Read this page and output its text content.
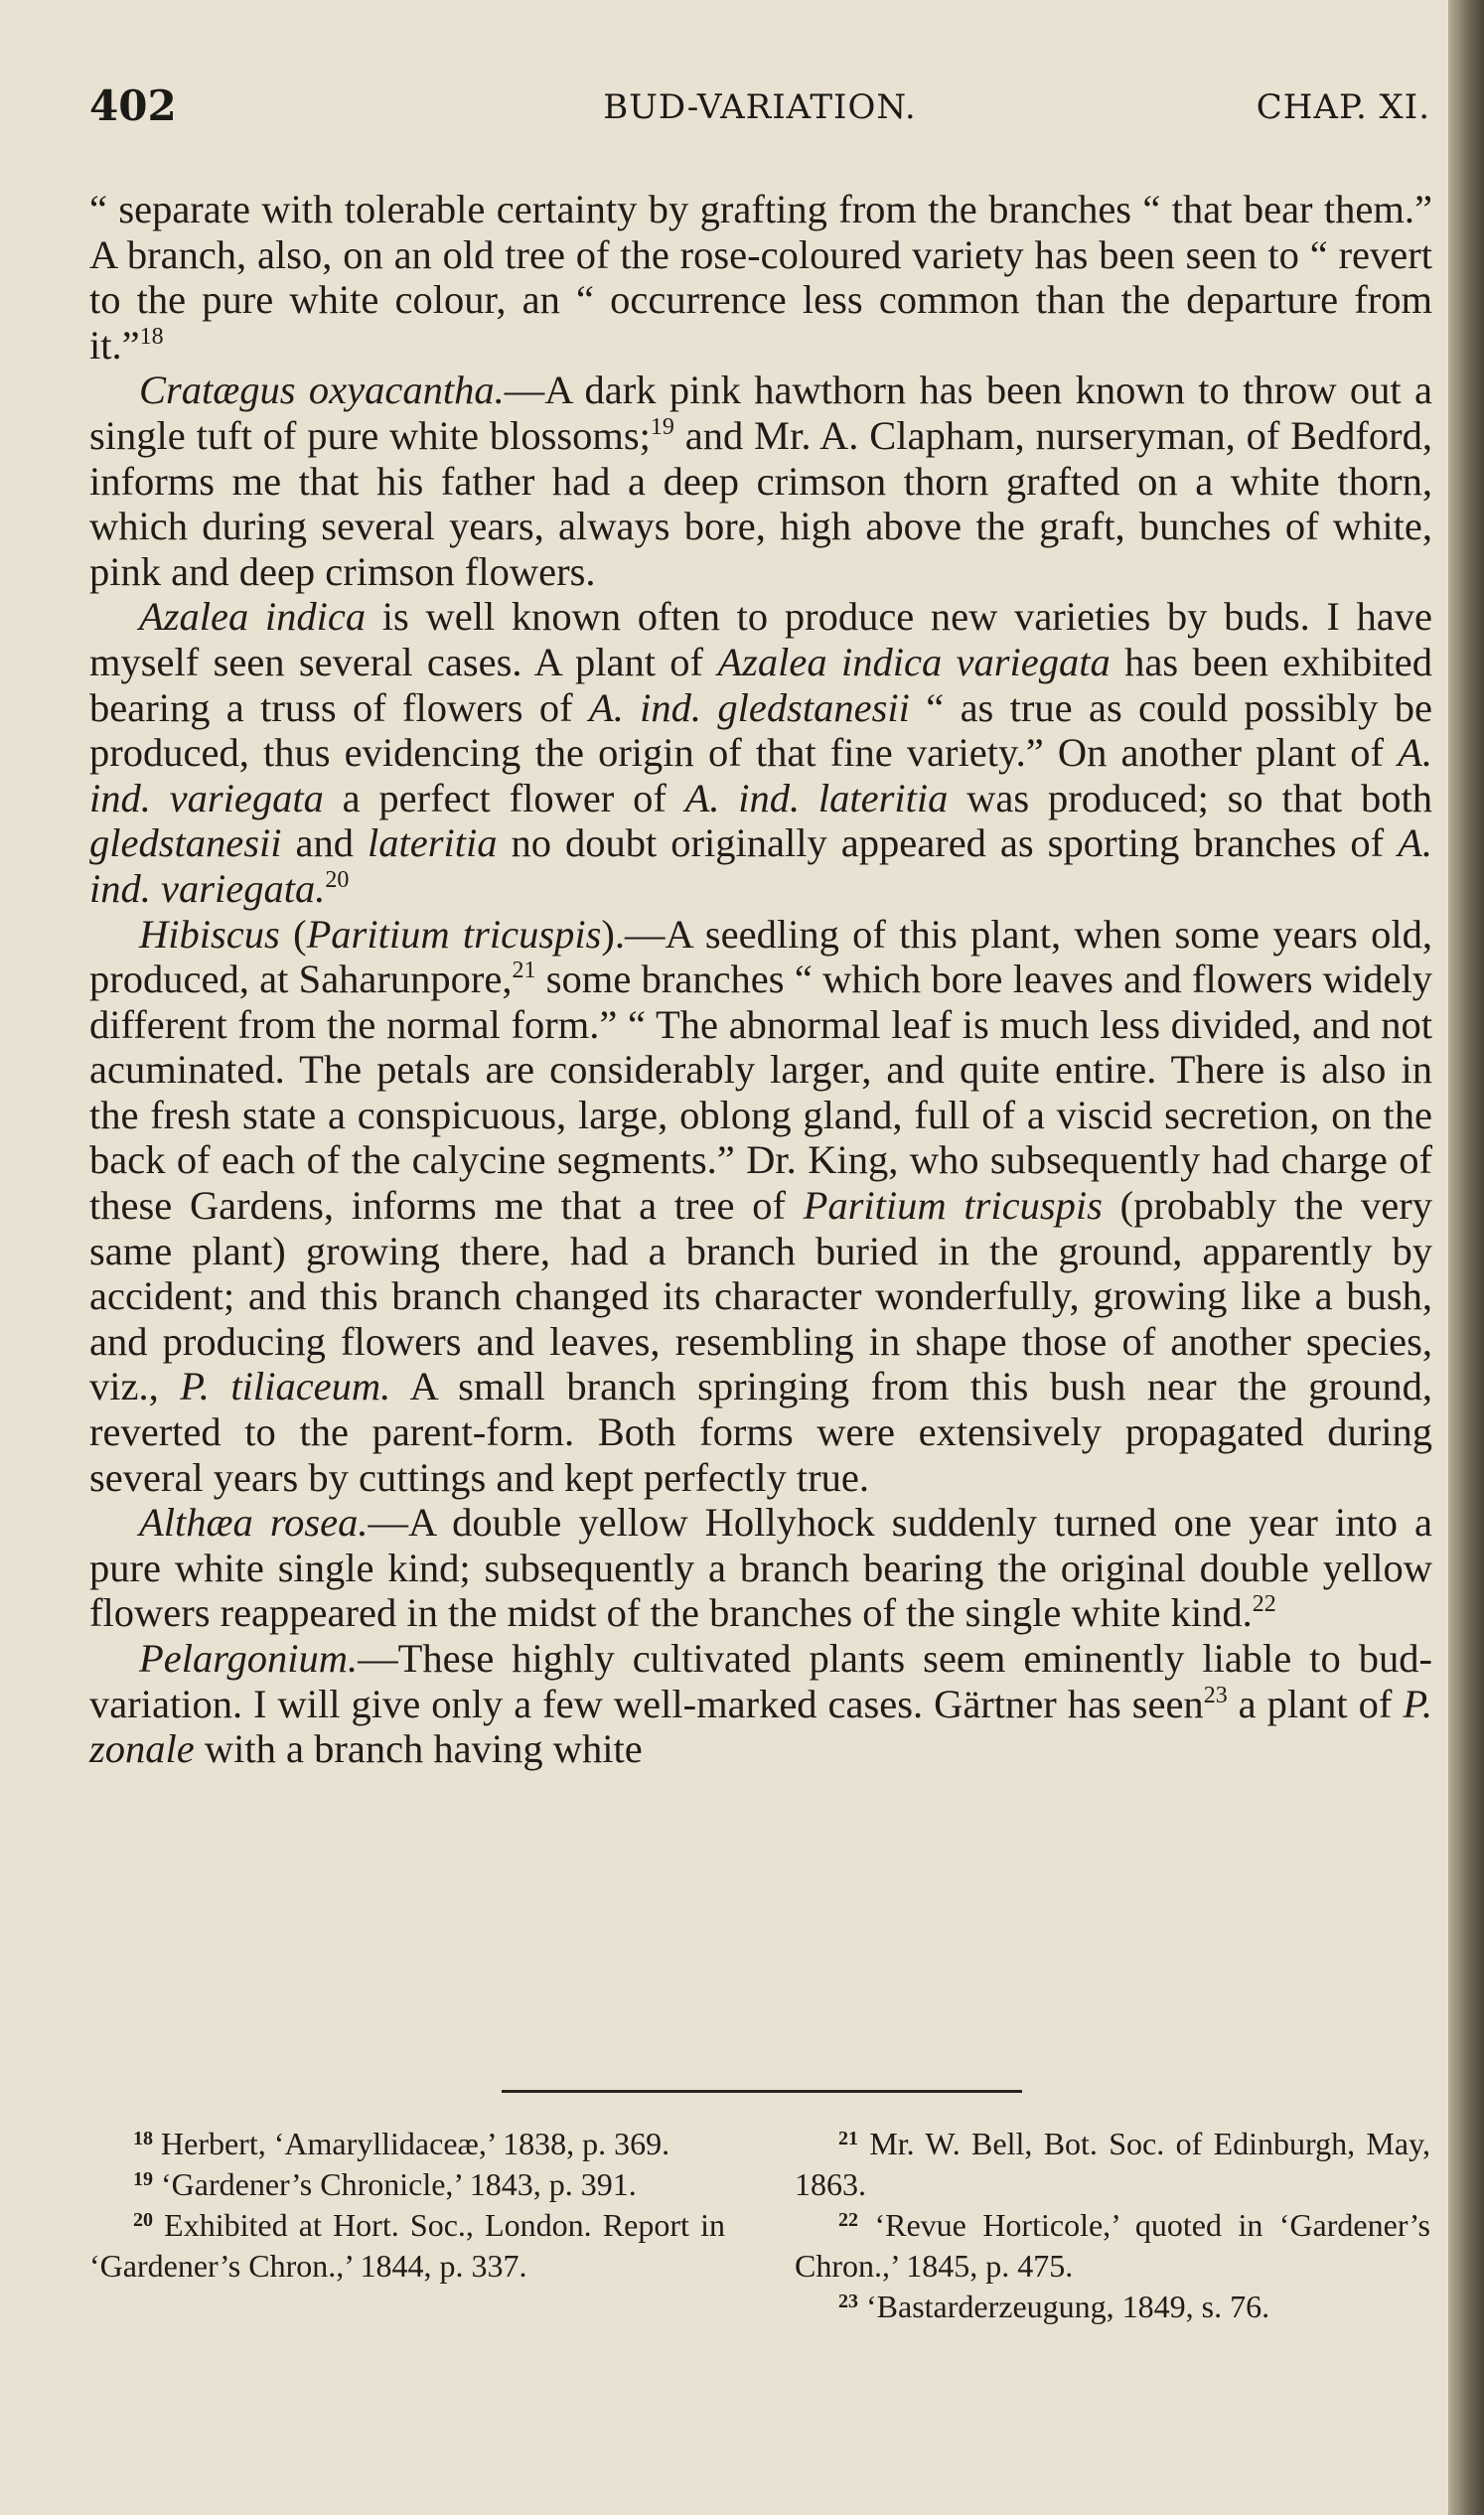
402	BUD-VARIATION.	CHAP. XI.

“ separate with tolerable certainty by grafting from the branches “ that bear them.” A branch, also, on an old tree of the rose-coloured variety has been seen to “ revert to the pure white colour, an “ occurrence less common than the departure from it.”$^{18}$

Cratægus oxyacantha.—A dark pink hawthorn has been known to throw out a single tuft of pure white blossoms;$^{19}$ and Mr. A. Clapham, nurseryman, of Bedford, informs me that his father had a deep crimson thorn grafted on a white thorn, which during several years, always bore, high above the graft, bunches of white, pink and deep crimson flowers.

Azalea indica is well known often to produce new varieties by buds. I have myself seen several cases. A plant of Azalea indica variegata has been exhibited bearing a truss of flowers of A. ind. gledstanesii “ as true as could possibly be produced, thus evidencing the origin of that fine variety.” On another plant of A. ind. variegata a perfect flower of A. ind. lateritia was produced; so that both gledstanesii and lateritia no doubt originally appeared as sporting branches of A. ind. variegata.$^{20}$

Hibiscus (Paritium tricuspis).—A seedling of this plant, when some years old, produced, at Saharunpore,$^{21}$ some branches “ which bore leaves and flowers widely different from the normal form.” “ The abnormal leaf is much less divided, and not acuminated. The petals are considerably larger, and quite entire. There is also in the fresh state a conspicuous, large, oblong gland, full of a viscid secretion, on the back of each of the calycine segments.” Dr. King, who subsequently had charge of these Gardens, informs me that a tree of Paritium tricuspis (probably the very same plant) growing there, had a branch buried in the ground, apparently by accident; and this branch changed its character wonderfully, growing like a bush, and producing flowers and leaves, resembling in shape those of another species, viz., P. tiliaceum. A small branch springing from this bush near the ground, reverted to the parent-form. Both forms were extensively propagated during several years by cuttings and kept perfectly true.

Althæa rosea.—A double yellow Hollyhock suddenly turned one year into a pure white single kind; subsequently a branch bearing the original double yellow flowers reappeared in the midst of the branches of the single white kind.$^{22}$

Pelargonium.—These highly cultivated plants seem eminently liable to bud-variation. I will give only a few well-marked cases. Gärtner has seen$^{23}$ a plant of P. zonale with a branch having white

$^{18}$ Herbert, ‘Amaryllidaceæ,’ 1838, p. 369.

$^{19}$ ‘Gardener’s Chronicle,’ 1843, p. 391.

$^{20}$ Exhibited at Hort. Soc., London. Report in ‘Gardener’s Chron.,’ 1844, p. 337.

$^{21}$ Mr. W. Bell, Bot. Soc. of Edinburgh, May, 1863.

$^{22}$ ‘Revue Horticole,’ quoted in ‘Gardener’s Chron.,’ 1845, p. 475.

$^{23}$ ‘Bastarderzeugung, 1849, s. 76.
